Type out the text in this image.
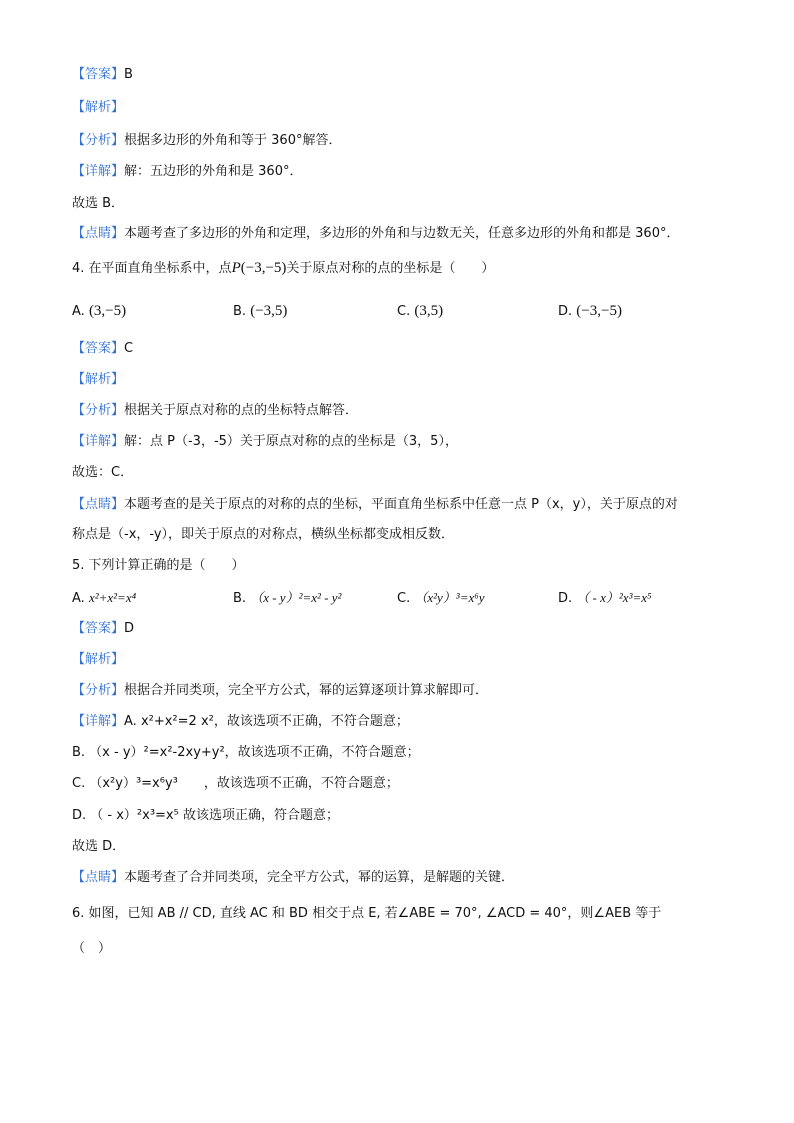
【答案】B
【解析】
【分析】根据多边形的外角和等于 360°解答．
【详解】解：五边形的外角和是 360°．
故选 B．
【点睛】本题考查了多边形的外角和定理，多边形的外角和与边数无关，任意多边形的外角和都是 360°．
4. 在平面直角坐标系中，点P(−3,−5)关于原点对称的点的坐标是（　　）
A. (3,−5)	B. (−3,5)	C. (3,5)	D. (−3,−5)
【答案】C
【解析】
【分析】根据关于原点对称的点的坐标特点解答．
【详解】解：点 P（-3，-5）关于原点对称的点的坐标是（3，5），
故选：C．
【点睛】本题考查的是关于原点的对称的点的坐标，平面直角坐标系中任意一点 P（x，y），关于原点的对
称点是（-x，-y），即关于原点的对称点，横纵坐标都变成相反数．
5. 下列计算正确的是（　　）
A. x²+x²=x⁴	B. （x - y）²=x² - y²	C. （x²y）³=x⁶y	D. （ - x）²x³=x⁵
【答案】D
【解析】
【分析】根据合并同类项，完全平方公式，幂的运算逐项计算求解即可．
【详解】A. x²+x²=2 x²，故该选项不正确，不符合题意；
B. （x - y）²=x²-2xy+y²，故该选项不正确，不符合题意；
C. （x²y）³=x⁶y³　　，故该选项不正确，不符合题意；
D. （ - x）²x³=x⁵ 故该选项正确，符合题意；
故选 D．
【点睛】本题考查了合并同类项，完全平方公式，幂的运算，是解题的关键．
6. 如图，已知 AB // CD, 直线 AC 和 BD 相交于点 E, 若∠ABE = 70°, ∠ACD = 40°，则∠AEB 等于
（　）
